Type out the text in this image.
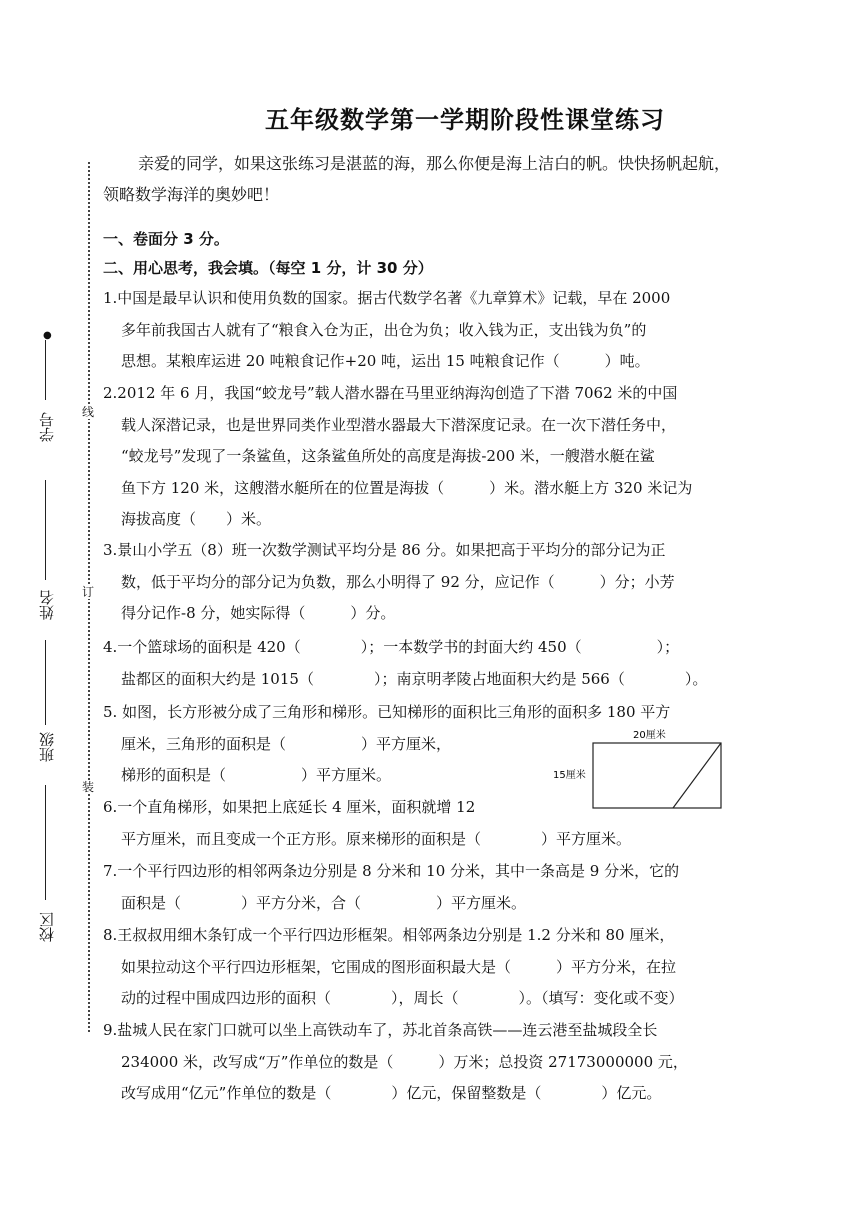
五年级数学第一学期阶段性课堂练习
线
订
装
●
学号
姓名
班级
校区
亲爱的同学，如果这张练习是湛蓝的海，那么你便是海上洁白的帆。快快扬帆起航，
领略数学海洋的奥妙吧！
一、卷面分 3 分。
二、用心思考，我会填。（每空 1 分，计 30 分）
1.中国是最早认识和使用负数的国家。据古代数学名著《九章算术》记载，早在 2000
多年前我国古人就有了“粮食入仓为正，出仓为负；收入钱为正，支出钱为负”的
思想。某粮库运进 20 吨粮食记作+20 吨，运出 15 吨粮食记作（　　　）吨。
2.2012 年 6 月，我国“蛟龙号”载人潜水器在马里亚纳海沟创造了下潜 7062 米的中国
载人深潜记录，也是世界同类作业型潜水器最大下潜深度记录。在一次下潜任务中，
“蛟龙号”发现了一条鲨鱼，这条鲨鱼所处的高度是海拔-200 米，一艘潜水艇在鲨
鱼下方 120 米，这艘潜水艇所在的位置是海拔（　　　）米。潜水艇上方 320 米记为
海拔高度（　　）米。
3.景山小学五（8）班一次数学测试平均分是 86 分。如果把高于平均分的部分记为正
数，低于平均分的部分记为负数，那么小明得了 92 分，应记作（　　　）分；小芳
得分记作-8 分，她实际得（　　　）分。
4.一个篮球场的面积是 420（　　　　）；一本数学书的封面大约 450（　　　　　）；
盐都区的面积大约是 1015（　　　　）；南京明孝陵占地面积大约是 566（　　　　）。
5. 如图，长方形被分成了三角形和梯形。已知梯形的面积比三角形的面积多 180 平方
厘米，三角形的面积是（　　　　　）平方厘米，
梯形的面积是（　　　　　）平方厘米。
20厘米
15厘米
6.一个直角梯形，如果把上底延长 4 厘米，面积就增 12
平方厘米，而且变成一个正方形。原来梯形的面积是（　　　　）平方厘米。
7.一个平行四边形的相邻两条边分别是 8 分米和 10 分米，其中一条高是 9 分米，它的
面积是（　　　　）平方分米，合（　　　　　）平方厘米。
8.王叔叔用细木条钉成一个平行四边形框架。相邻两条边分别是 1.2 分米和 80 厘米，
如果拉动这个平行四边形框架，它围成的图形面积最大是（　　　）平方分米，在拉
动的过程中围成四边形的面积（　　　　），周长（　　　　）。（填写：变化或不变）
9.盐城人民在家门口就可以坐上高铁动车了，苏北首条高铁——连云港至盐城段全长
234000 米，改写成“万”作单位的数是（　　　）万米；总投资 27173000000 元，
改写成用“亿元”作单位的数是（　　　　）亿元，保留整数是（　　　　）亿元。
